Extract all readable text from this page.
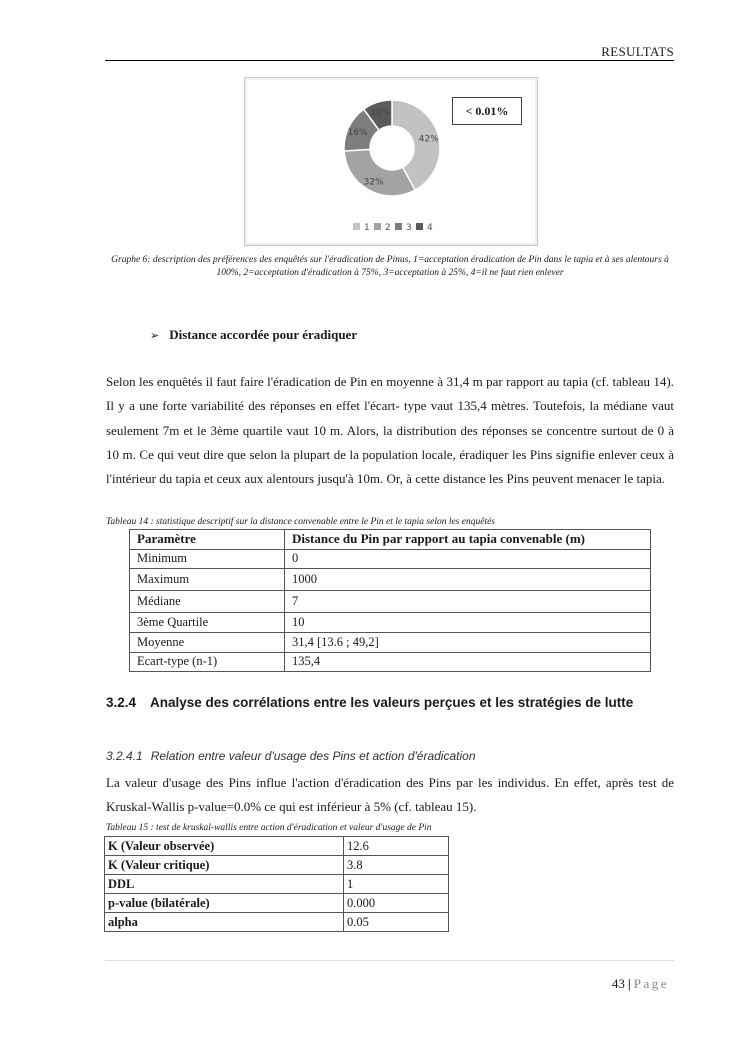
RESULTATS
42%
32%
16%
10%
1 2 3 4
< 0.01%
Graphe 6: description des préférences des enquêtés sur l'éradication de Pinus, 1=acceptation éradication de Pin dans le tapia et à ses alentours à 100%, 2=acceptation d'éradication à 75%, 3=acceptation à 25%, 4=il ne faut rien enlever
➢ Distance accordée pour éradiquer
Selon les enquêtés il faut faire l'éradication de Pin en moyenne à 31,4 m par rapport au tapia (cf. tableau 14). Il y a une forte variabilité des réponses en effet l'écart- type vaut 135,4 mètres. Toutefois, la médiane vaut seulement 7m et le 3ème quartile vaut 10 m. Alors, la distribution des réponses se concentre surtout de 0 à 10 m. Ce qui veut dire que selon la plupart de la population locale, éradiquer les Pins signifie enlever ceux à l'intérieur du tapia et ceux aux alentours jusqu'à 10m. Or, à cette distance les Pins peuvent menacer le tapia.
Tableau 14 : statistique descriptif sur la distance convenable entre le Pin et le tapia selon les enquêtés
Paramètre	Distance du Pin par rapport au tapia convenable (m)
Minimum	0
Maximum	1000
Médiane	7
3ème Quartile	10
Moyenne	31,4 [13.6 ; 49,2]
Ecart-type (n-1)	135,4
3.2.4 Analyse des corrélations entre les valeurs perçues et les stratégies de lutte
3.2.4.1 Relation entre valeur d'usage des Pins et action d'éradication
La valeur d'usage des Pins influe l'action d'éradication des Pins par les individus. En effet, après test de Kruskal-Wallis p-value=0.0% ce qui est inférieur à 5% (cf. tableau 15).
Tableau 15 : test de kruskal-wallis entre action d'éradication et valeur d'usage de Pin
K (Valeur observée)	12.6
K (Valeur critique)	3.8
DDL	1
p-value (bilatérale)	0.000
alpha	0.05
43 | Page
